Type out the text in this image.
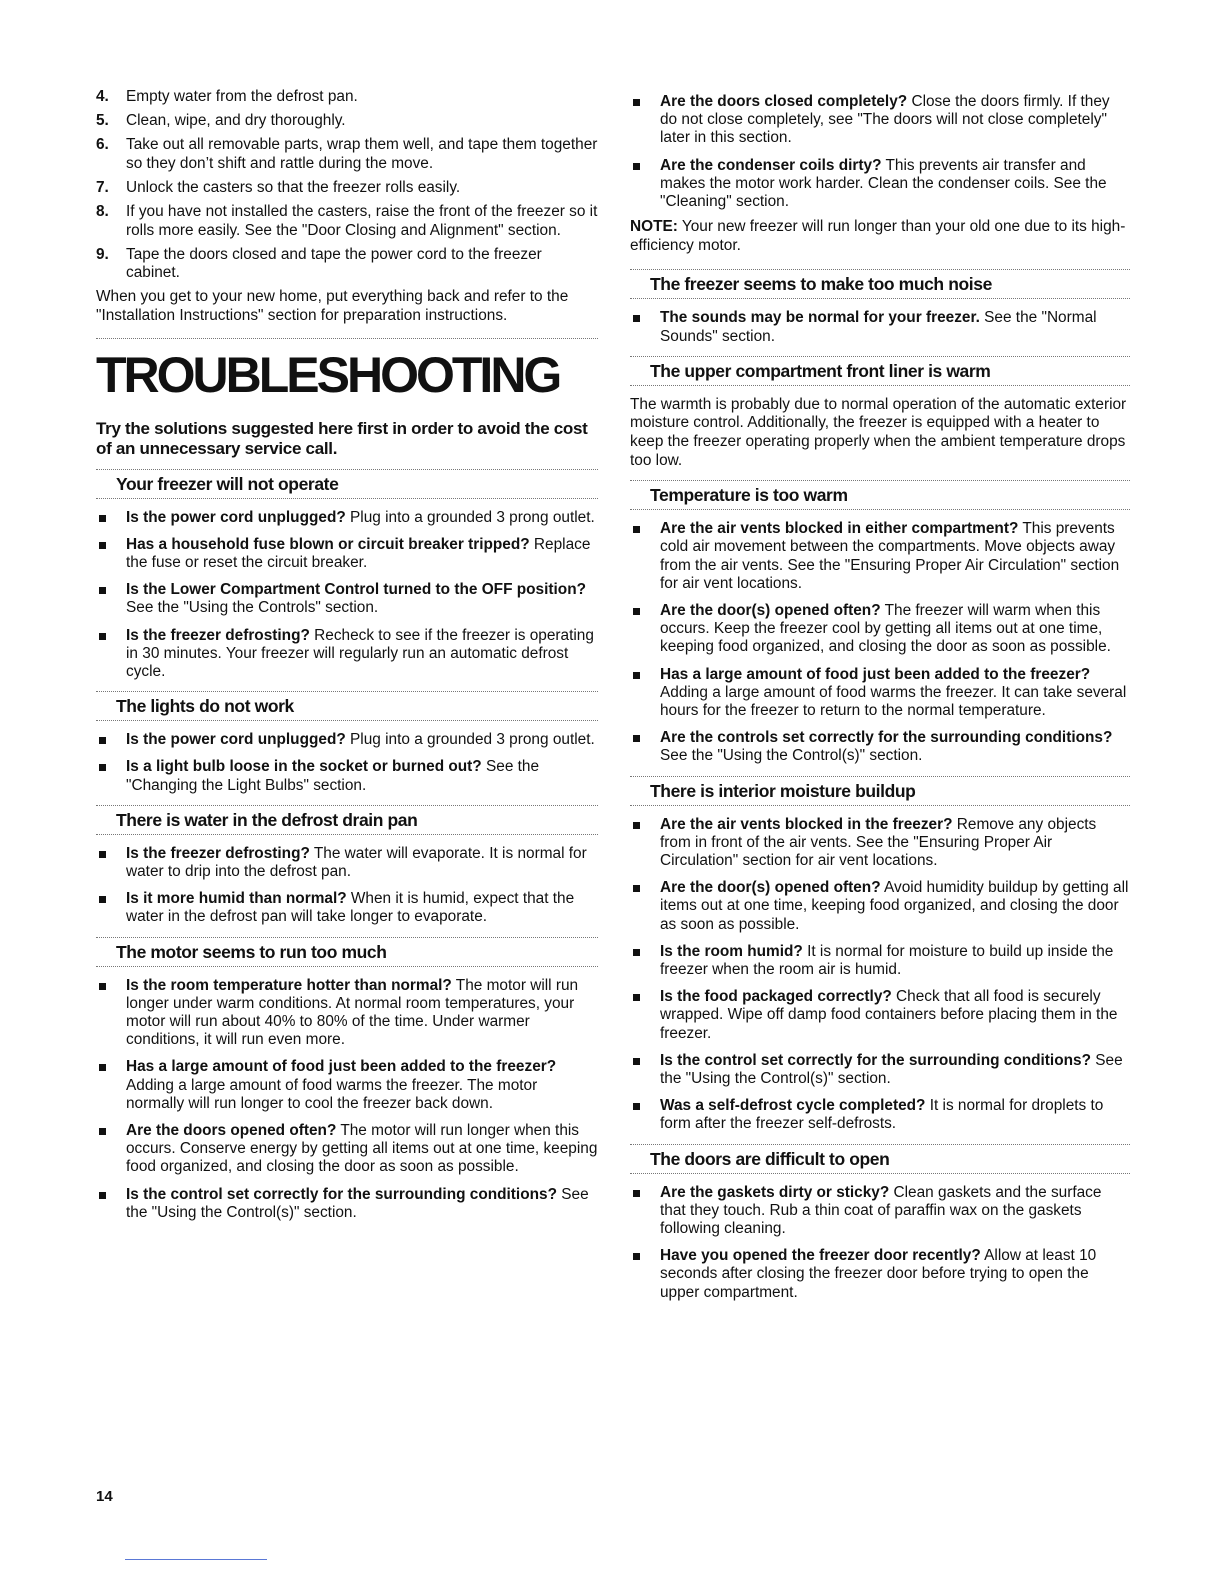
4. Empty water from the defrost pan.
5. Clean, wipe, and dry thoroughly.
6. Take out all removable parts, wrap them well, and tape them together so they don’t shift and rattle during the move.
7. Unlock the casters so that the freezer rolls easily.
8. If you have not installed the casters, raise the front of the freezer so it rolls more easily. See the "Door Closing and Alignment" section.
9. Tape the doors closed and tape the power cord to the freezer cabinet.
When you get to your new home, put everything back and refer to the "Installation Instructions" section for preparation instructions.
TROUBLESHOOTING
Try the solutions suggested here first in order to avoid the cost of an unnecessary service call.
Your freezer will not operate
Is the power cord unplugged? Plug into a grounded 3 prong outlet.
Has a household fuse blown or circuit breaker tripped? Replace the fuse or reset the circuit breaker.
Is the Lower Compartment Control turned to the OFF position? See the "Using the Controls" section.
Is the freezer defrosting? Recheck to see if the freezer is operating in 30 minutes. Your freezer will regularly run an automatic defrost cycle.
The lights do not work
Is the power cord unplugged? Plug into a grounded 3 prong outlet.
Is a light bulb loose in the socket or burned out? See the "Changing the Light Bulbs" section.
There is water in the defrost drain pan
Is the freezer defrosting? The water will evaporate. It is normal for water to drip into the defrost pan.
Is it more humid than normal? When it is humid, expect that the water in the defrost pan will take longer to evaporate.
The motor seems to run too much
Is the room temperature hotter than normal? The motor will run longer under warm conditions. At normal room temperatures, your motor will run about 40% to 80% of the time. Under warmer conditions, it will run even more.
Has a large amount of food just been added to the freezer? Adding a large amount of food warms the freezer. The motor normally will run longer to cool the freezer back down.
Are the doors opened often? The motor will run longer when this occurs. Conserve energy by getting all items out at one time, keeping food organized, and closing the door as soon as possible.
Is the control set correctly for the surrounding conditions? See the "Using the Control(s)" section.
Are the doors closed completely? Close the doors firmly. If they do not close completely, see "The doors will not close completely" later in this section.
Are the condenser coils dirty? This prevents air transfer and makes the motor work harder. Clean the condenser coils. See the "Cleaning" section.
NOTE: Your new freezer will run longer than your old one due to its high-efficiency motor.
The freezer seems to make too much noise
The sounds may be normal for your freezer. See the "Normal Sounds" section.
The upper compartment front liner is warm
The warmth is probably due to normal operation of the automatic exterior moisture control. Additionally, the freezer is equipped with a heater to keep the freezer operating properly when the ambient temperature drops too low.
Temperature is too warm
Are the air vents blocked in either compartment? This prevents cold air movement between the compartments. Move objects away from the air vents. See the "Ensuring Proper Air Circulation" section for air vent locations.
Are the door(s) opened often? The freezer will warm when this occurs. Keep the freezer cool by getting all items out at one time, keeping food organized, and closing the door as soon as possible.
Has a large amount of food just been added to the freezer? Adding a large amount of food warms the freezer. It can take several hours for the freezer to return to the normal temperature.
Are the controls set correctly for the surrounding conditions? See the "Using the Control(s)" section.
There is interior moisture buildup
Are the air vents blocked in the freezer? Remove any objects from in front of the air vents. See the "Ensuring Proper Air Circulation" section for air vent locations.
Are the door(s) opened often? Avoid humidity buildup by getting all items out at one time, keeping food organized, and closing the door as soon as possible.
Is the room humid? It is normal for moisture to build up inside the freezer when the room air is humid.
Is the food packaged correctly? Check that all food is securely wrapped. Wipe off damp food containers before placing them in the freezer.
Is the control set correctly for the surrounding conditions? See the "Using the Control(s)" section.
Was a self-defrost cycle completed? It is normal for droplets to form after the freezer self-defrosts.
The doors are difficult to open
Are the gaskets dirty or sticky? Clean gaskets and the surface that they touch. Rub a thin coat of paraffin wax on the gaskets following cleaning.
Have you opened the freezer door recently? Allow at least 10 seconds after closing the freezer door before trying to open the upper compartment.
14
